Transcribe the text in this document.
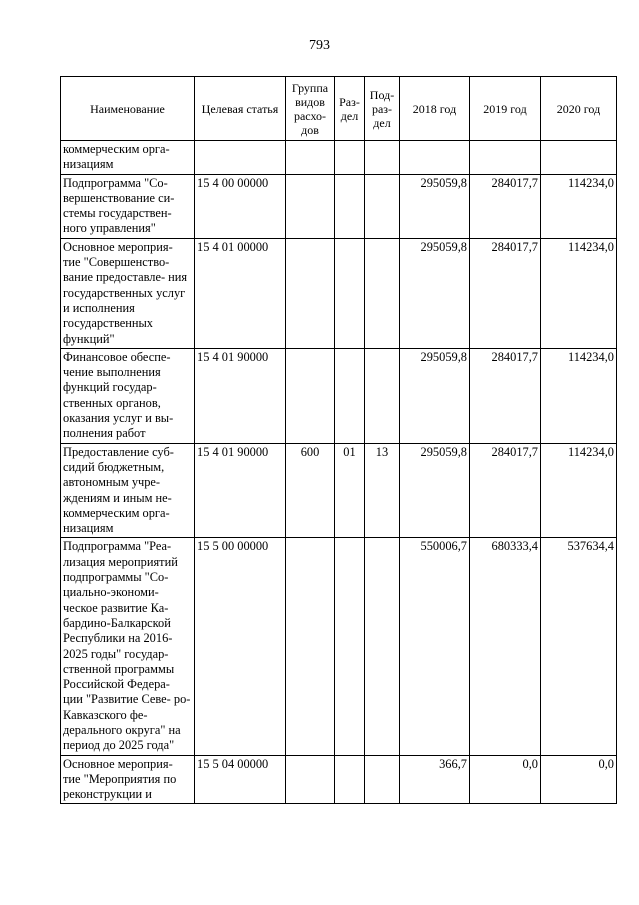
793
Наименование	Целевая статья	Группа видов расхо- дов	Раз- дел	Под- раз- дел	2018 год	2019 год	2020 год
коммерческим орга- низациям							
Подпрограмма "Со- вершенствование си- стемы государствен- ного управления"	15 4 00 00000				295059,8	284017,7	114234,0
Основное мероприя- тие "Совершенство- вание предоставле- ния государственных услуг и исполнения государственных функций"	15 4 01 00000				295059,8	284017,7	114234,0
Финансовое обеспе- чение выполнения функций государ- ственных органов, оказания услуг и вы- полнения работ	15 4 01 90000				295059,8	284017,7	114234,0
Предоставление суб- сидий бюджетным, автономным учре- ждениям и иным не- коммерческим орга- низациям	15 4 01 90000	600	01	13	295059,8	284017,7	114234,0
Подпрограмма "Реа- лизация мероприятий подпрограммы "Со- циально-экономи- ческое развитие Ка- бардино-Балкарской Республики на 2016- 2025 годы" государ- ственной программы Российской Федера- ции "Развитие Севе- ро-Кавказского фе- дерального округа" на период до 2025 года"	15 5 00 00000				550006,7	680333,4	537634,4
Основное мероприя- тие "Мероприятия по реконструкции и	15 5 04 00000				366,7	0,0	0,0
